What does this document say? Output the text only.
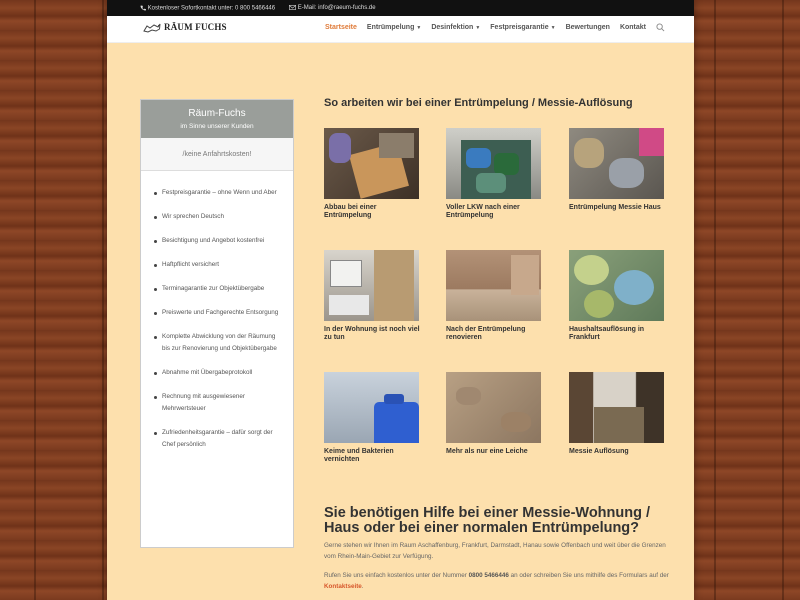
Kostenloser Sofortkontakt unter: 0 800 5466446	E-Mail: info@raeum-fuchs.de
RÄUM FUCHS	Startseite Entrümpelung ▼ Desinfektion ▼ Festpreisgarantie ▼ Bewertungen Kontakt
Räum-Fuchs
im Sinne unserer Kunden
/keine Anfahrtskosten!
Festpreisgarantie – ohne Wenn und Aber
Wir sprechen Deutsch
Besichtigung und Angebot kostenfrei
Haftpflicht versichert
Terminagarantie zur Objektübergabe
Preiswerte und Fachgerechte Entsorgung
Komplette Abwicklung von der Räumung bis zur Renovierung und Objektübergabe
Abnahme mit Übergabeprotokoll
Rechnung mit ausgewiesener Mehrwertsteuer
Zufriedenheitsgarantie – dafür sorgt der Chef persönlich
So arbeiten wir bei einer Entrümpelung / Messie-Auflösung
Abbau bei einer Entrümpelung
Voller LKW nach einer Entrümpelung
Entrümpelung Messie Haus
In der Wohnung ist noch viel zu tun
Nach der Entrümpelung renovieren
Haushaltsauflösung in Frankfurt
Keime und Bakterien vernichten
Mehr als nur eine Leiche	Messie Auflösung
Sie benötigen Hilfe bei einer Messie-Wohnung / Haus oder bei einer normalen Entrümpelung?
Gerne stehen wir Ihnen im Raum Aschaffenburg, Frankfurt, Darmstadt, Hanau sowie Offenbach und weit über die Grenzen vom Rhein-Main-Gebiet zur Verfügung.
Rufen Sie uns einfach kostenlos unter der Nummer 0800 5466446 an oder schreiben Sie uns mithilfe des Formulars auf der Kontaktseite.
